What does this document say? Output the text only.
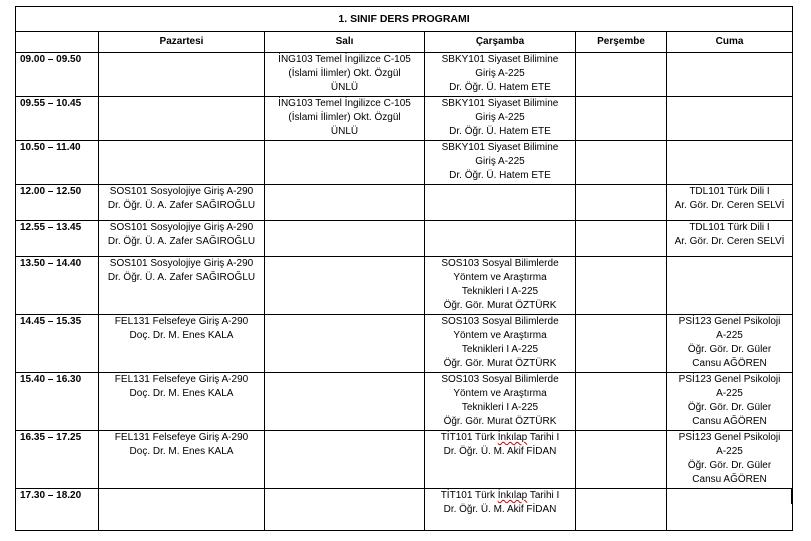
1. SINIF DERS PROGRAMI					
	Pazartesi	Salı	Çarşamba	Perşembe	Cuma
09.00 – 09.50		İNG103 Temel İngilizce C-105
(İslami İlimler) Okt. Özgül
ÜNLÜ	SBKY101 Siyaset Bilimine
Giriş A-225
Dr. Öğr. Ü. Hatem ETE		

09.55 – 10.45		İNG103 Temel İngilizce C-105
(İslami İlimler) Okt. Özgül
ÜNLÜ	SBKY101 Siyaset Bilimine
Giriş A-225
Dr. Öğr. Ü. Hatem ETE		

10.50 – 11.40			SBKY101 Siyaset Bilimine
Giriş A-225
Dr. Öğr. Ü. Hatem ETE		

12.00 – 12.50	SOS101 Sosyolojiye Giriş A-290
Dr. Öğr. Ü. A. Zafer SAĞIROĞLU				TDL101 Türk Dili I
Ar. Gör. Dr. Ceren SELVİ

12.55 – 13.45	SOS101 Sosyolojiye Giriş A-290
Dr. Öğr. Ü. A. Zafer SAĞIROĞLU				TDL101 Türk Dili I
Ar. Gör. Dr. Ceren SELVİ

13.50 – 14.40	SOS101 Sosyolojiye Giriş A-290
Dr. Öğr. Ü. A. Zafer SAĞIROĞLU		SOS103 Sosyal Bilimlerde
Yöntem ve Araştırma
Teknikleri I A-225
Öğr. Gör. Murat ÖZTÜRK		

14.45 – 15.35	FEL131 Felsefeye Giriş A-290
Doç. Dr. M. Enes KALA		SOS103 Sosyal Bilimlerde
Yöntem ve Araştırma
Teknikleri I A-225
Öğr. Gör. Murat ÖZTÜRK		PSİ123 Genel Psikoloji
A-225
Öğr. Gör. Dr. Güler
Cansu AĞÖREN

15.40 – 16.30	FEL131 Felsefeye Giriş A-290
Doç. Dr. M. Enes KALA		SOS103 Sosyal Bilimlerde
Yöntem ve Araştırma
Teknikleri I A-225
Öğr. Gör. Murat ÖZTÜRK		PSİ123 Genel Psikoloji
A-225
Öğr. Gör. Dr. Güler
Cansu AĞÖREN

16.35 – 17.25	FEL131 Felsefeye Giriş A-290
Doç. Dr. M. Enes KALA		TİT101 Türk İnkılap Tarihi I
Dr. Öğr. Ü. M. Akif FİDAN		PSİ123 Genel Psikoloji
A-225
Öğr. Gör. Dr. Güler
Cansu AĞÖREN

17.30 – 18.20			TİT101 Türk İnkılap Tarihi I
Dr. Öğr. Ü. M. Akif FİDAN		
